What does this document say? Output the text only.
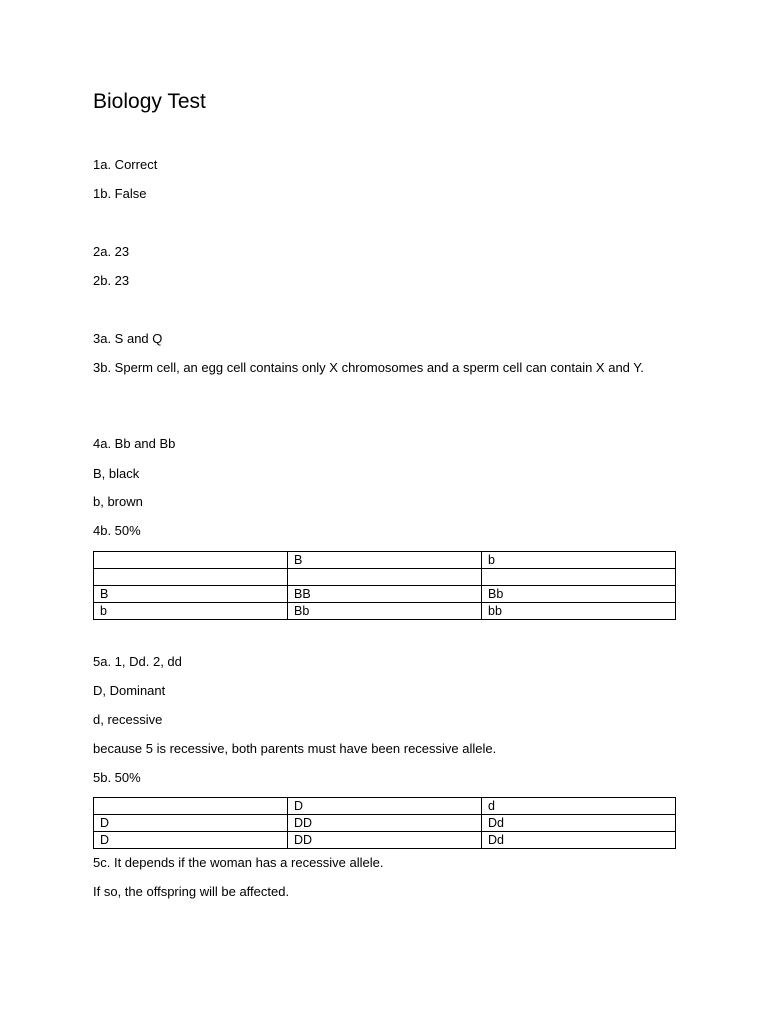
Biology Test
1a. Correct
1b. False
2a. 23
2b. 23
3a. S and Q
3b. Sperm cell, an egg cell contains only X chromosomes and a sperm cell can contain X and Y.
4a. Bb and Bb
B, black
b, brown
4b. 50%
	B	b

B	BB	Bb
b	Bb	bb
5a. 1, Dd. 2, dd
D, Dominant
d, recessive
because 5 is recessive, both parents must have been recessive allele.
5b. 50%
	D	d
D	DD	Dd
D	DD	Dd
5c. It depends if the woman has a recessive allele.
If so, the offspring will be affected.
